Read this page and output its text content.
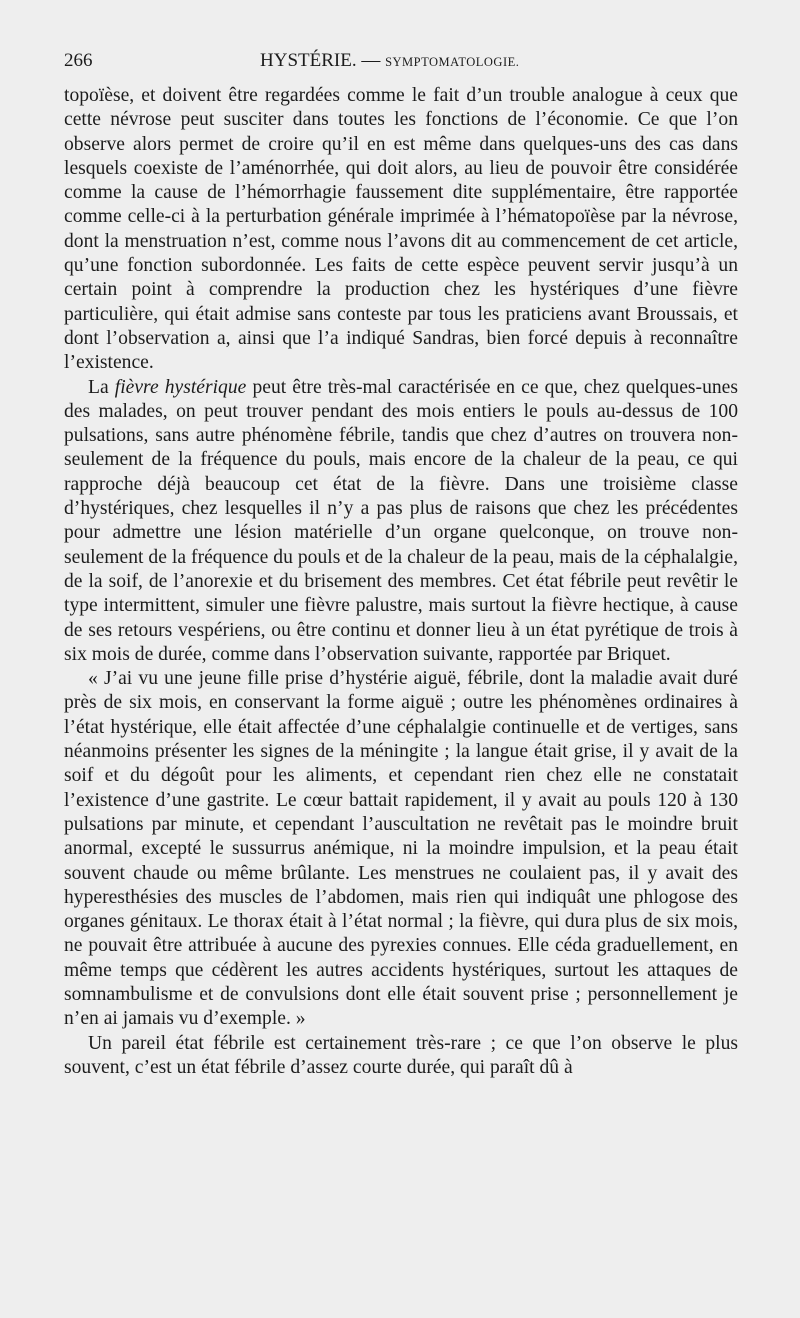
266	HYSTÉRIE. — SYMPTOMATOLOGIE.

topoïèse, et doivent être regardées comme le fait d’un trouble analogue à ceux que cette névrose peut susciter dans toutes les fonctions de l’économie. Ce que l’on observe alors permet de croire qu’il en est même dans quelques-uns des cas dans lesquels coexiste de l’aménorrhée, qui doit alors, au lieu de pouvoir être considérée comme la cause de l’hémorrhagie faussement dite supplémentaire, être rapportée comme celle-ci à la perturbation générale imprimée à l’hématopoïèse par la névrose, dont la menstruation n’est, comme nous l’avons dit au commencement de cet article, qu’une fonction subordonnée. Les faits de cette espèce peuvent servir jusqu’à un certain point à comprendre la production chez les hystériques d’une fièvre particulière, qui était admise sans conteste par tous les praticiens avant Broussais, et dont l’observation a, ainsi que l’a indiqué Sandras, bien forcé depuis à reconnaître l’existence.

La fièvre hystérique peut être très-mal caractérisée en ce que, chez quelques-unes des malades, on peut trouver pendant des mois entiers le pouls au-dessus de 100 pulsations, sans autre phénomène fébrile, tandis que chez d’autres on trouvera non-seulement de la fréquence du pouls, mais encore de la chaleur de la peau, ce qui rapproche déjà beaucoup cet état de la fièvre. Dans une troisième classe d’hystériques, chez lesquelles il n’y a pas plus de raisons que chez les précédentes pour admettre une lésion matérielle d’un organe quelconque, on trouve non-seulement de la fréquence du pouls et de la chaleur de la peau, mais de la céphalalgie, de la soif, de l’anorexie et du brisement des membres. Cet état fébrile peut revêtir le type intermittent, simuler une fièvre palustre, mais surtout la fièvre hectique, à cause de ses retours vespériens, ou être continu et donner lieu à un état pyrétique de trois à six mois de durée, comme dans l’observation suivante, rapportée par Briquet.

« J’ai vu une jeune fille prise d’hystérie aiguë, fébrile, dont la maladie avait duré près de six mois, en conservant la forme aiguë ; outre les phénomènes ordinaires à l’état hystérique, elle était affectée d’une céphalalgie continuelle et de vertiges, sans néanmoins présenter les signes de la méningite ; la langue était grise, il y avait de la soif et du dégoût pour les aliments, et cependant rien chez elle ne constatait l’existence d’une gastrite. Le cœur battait rapidement, il y avait au pouls 120 à 130 pulsations par minute, et cependant l’auscultation ne revêtait pas le moindre bruit anormal, excepté le sussurrus anémique, ni la moindre impulsion, et la peau était souvent chaude ou même brûlante. Les menstrues ne coulaient pas, il y avait des hyperesthésies des muscles de l’abdomen, mais rien qui indiquât une phlogose des organes génitaux. Le thorax était à l’état normal ; la fièvre, qui dura plus de six mois, ne pouvait être attribuée à aucune des pyrexies connues. Elle céda graduellement, en même temps que cédèrent les autres accidents hystériques, surtout les attaques de somnambulisme et de convulsions dont elle était souvent prise ; personnellement je n’en ai jamais vu d’exemple. »

Un pareil état fébrile est certainement très-rare ; ce que l’on observe le plus souvent, c’est un état fébrile d’assez courte durée, qui paraît dû à
